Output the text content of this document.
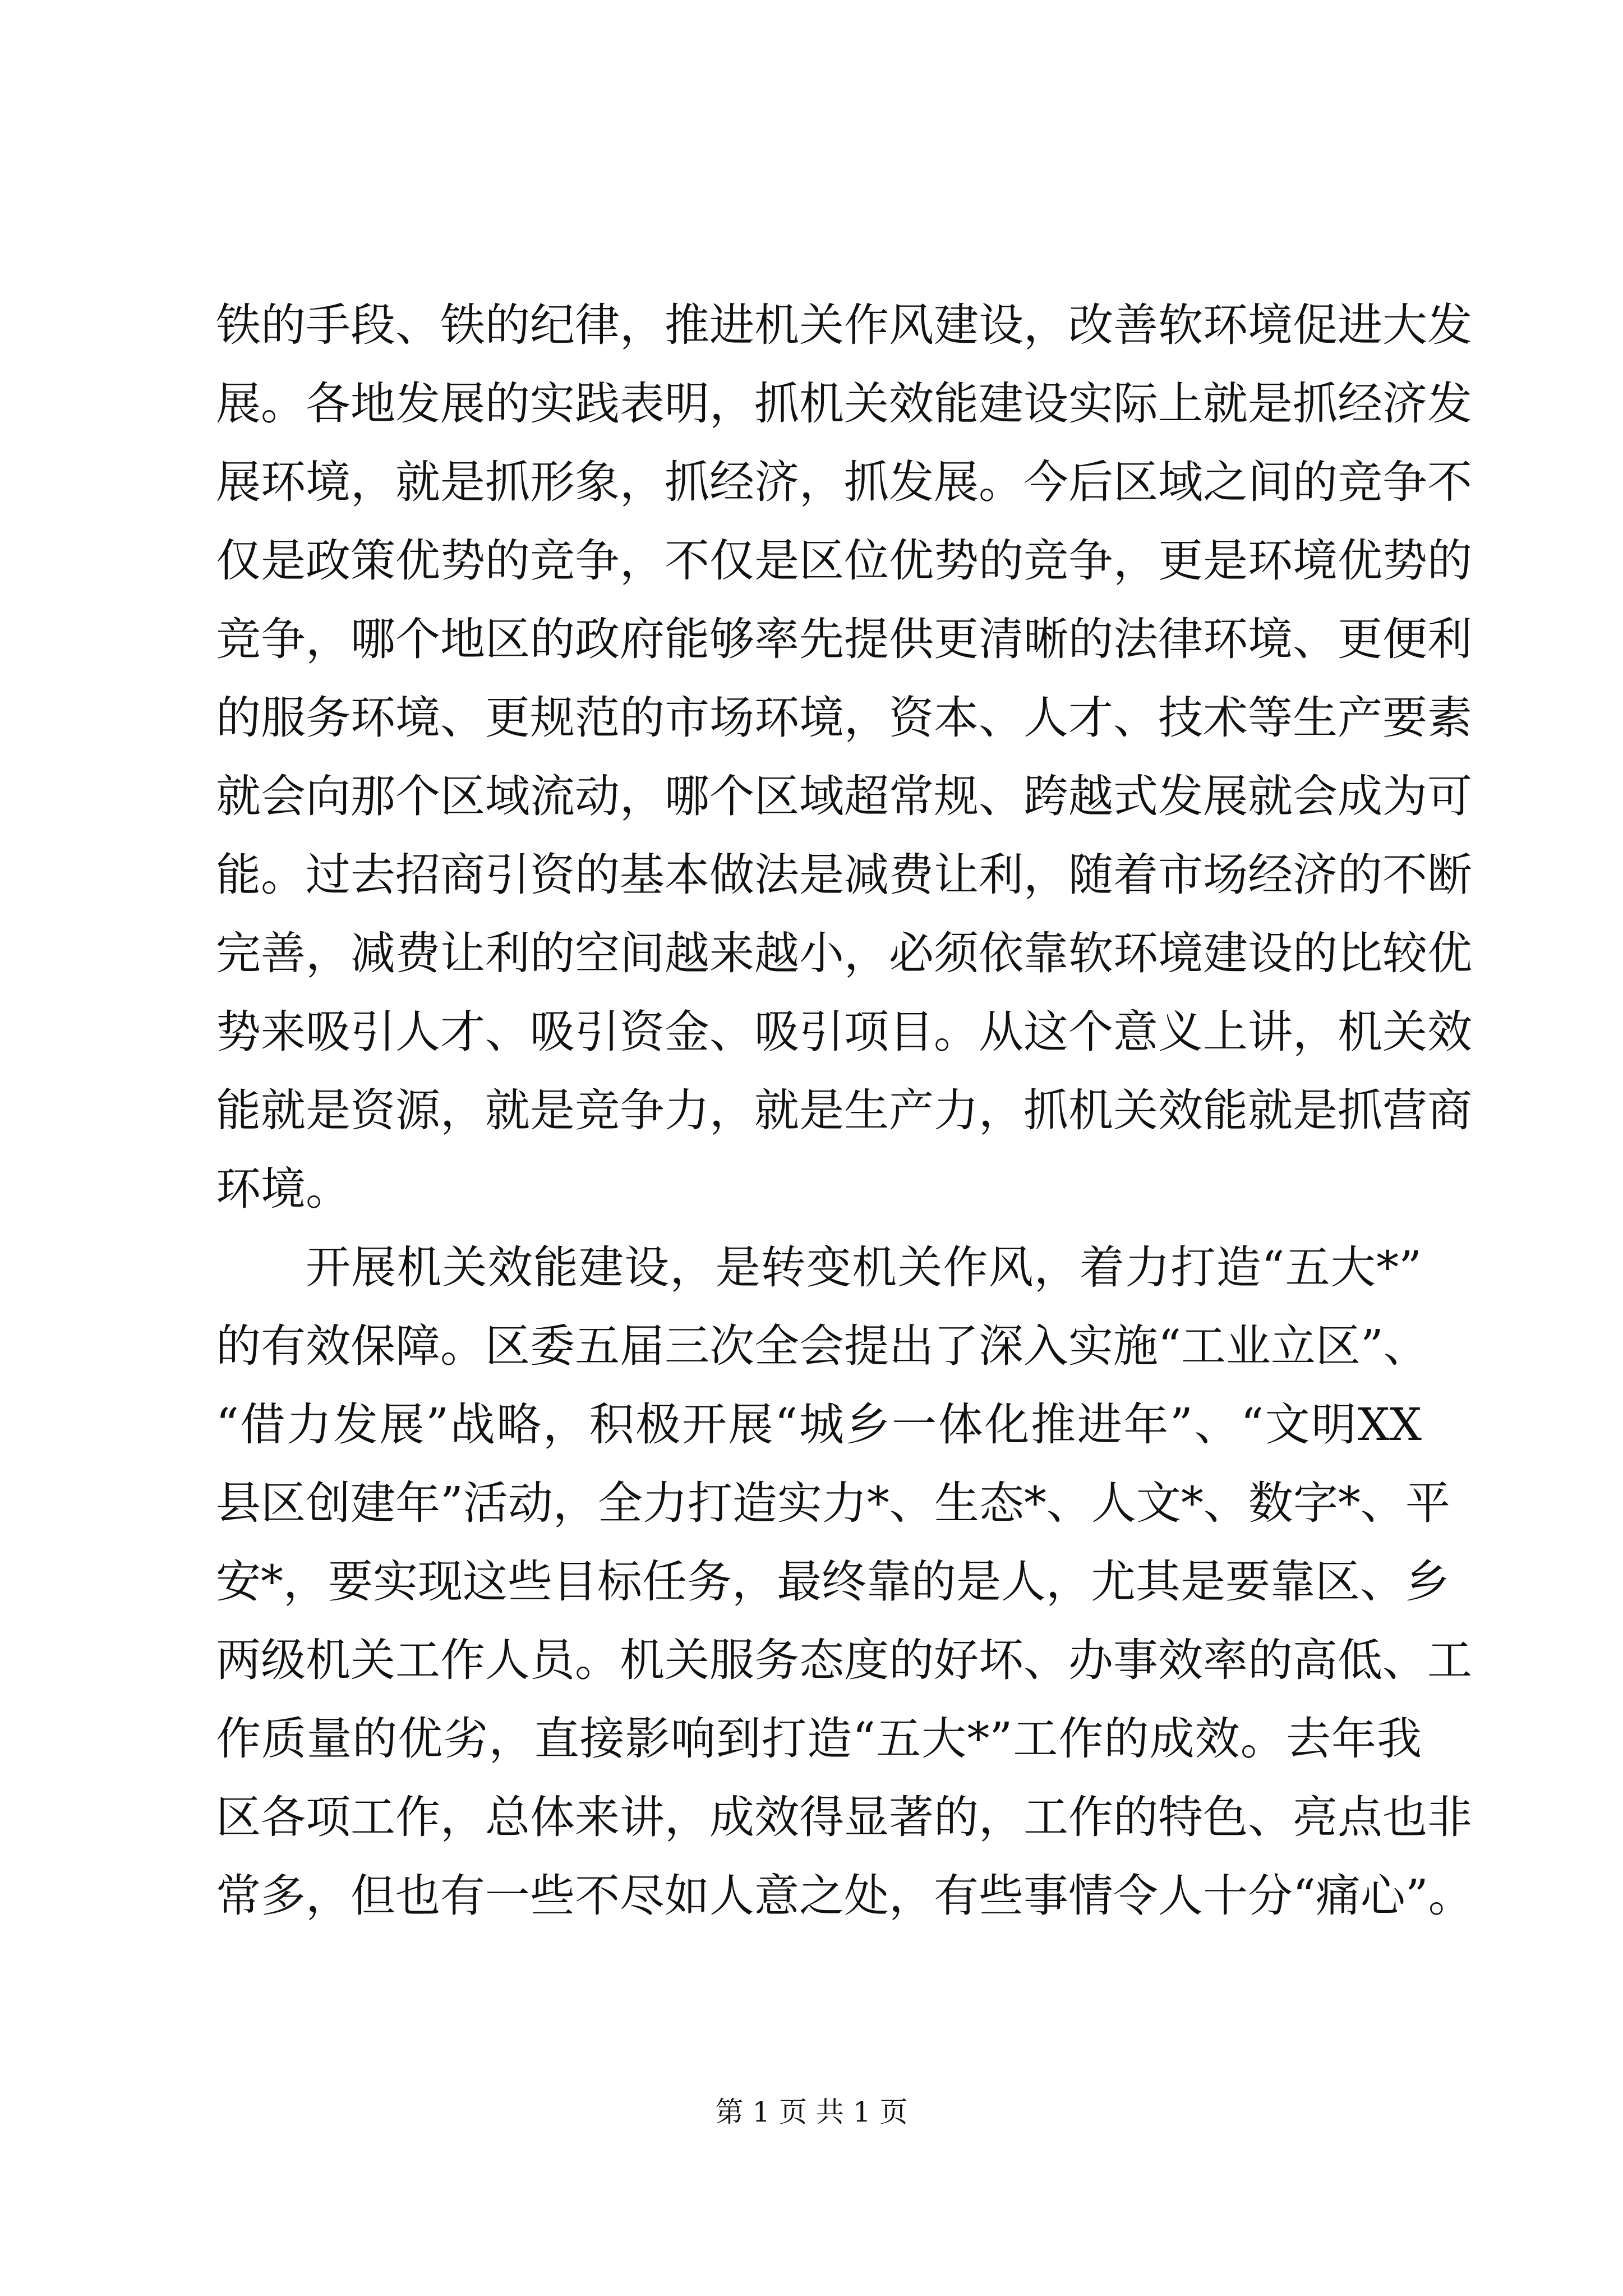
铁的手段、铁的纪律，推进机关作风建设，改善软环境促进大发
展。各地发展的实践表明，抓机关效能建设实际上就是抓经济发
展环境，就是抓形象，抓经济，抓发展。今后区域之间的竞争不
仅是政策优势的竞争，不仅是区位优势的竞争，更是环境优势的
竞争，哪个地区的政府能够率先提供更清晰的法律环境、更便利
的服务环境、更规范的市场环境，资本、人才、技术等生产要素
就会向那个区域流动，哪个区域超常规、跨越式发展就会成为可
能。过去招商引资的基本做法是减费让利，随着市场经济的不断
完善，减费让利的空间越来越小，必须依靠软环境建设的比较优
势来吸引人才、吸引资金、吸引项目。从这个意义上讲，机关效
能就是资源，就是竞争力，就是生产力，抓机关效能就是抓营商
环境。
开展机关效能建设，是转变机关作风，着力打造“五大*”
的有效保障。区委五届三次全会提出了深入实施“工业立区”、
“借力发展”战略，积极开展“城乡一体化推进年”、“文明XX
县区创建年”活动，全力打造实力*、生态*、人文*、数字*、平
安*，要实现这些目标任务，最终靠的是人，尤其是要靠区、乡
两级机关工作人员。机关服务态度的好坏、办事效率的高低、工
作质量的优劣，直接影响到打造“五大*”工作的成效。去年我
区各项工作，总体来讲，成效得显著的，工作的特色、亮点也非
常多，但也有一些不尽如人意之处，有些事情令人十分“痛心”。
第 1 页 共 1 页
